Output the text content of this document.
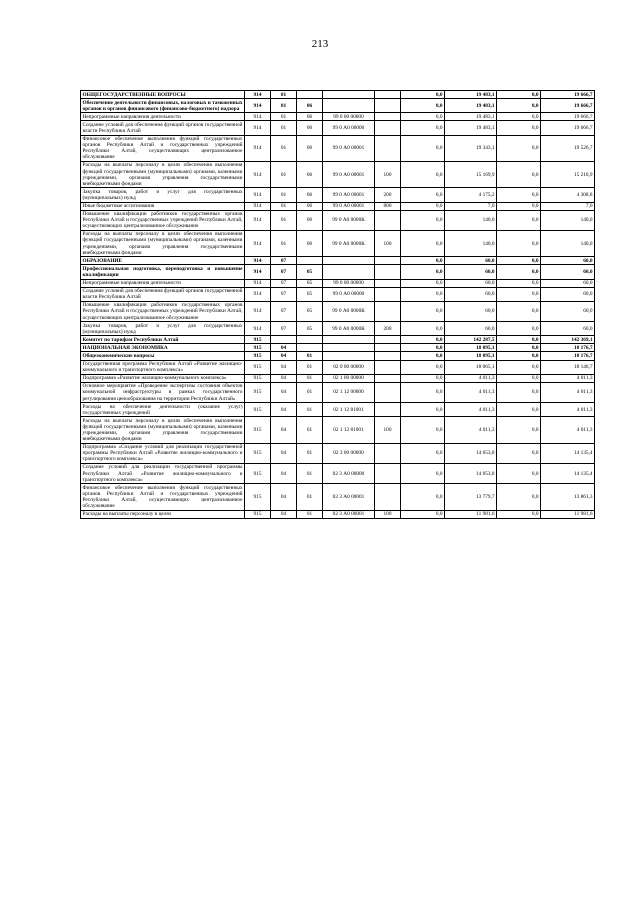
213
ОБЩЕГОСУДАРСТВЕННЫЕ ВОПРОСЫ	914	01				0,0	19 483,1	0,0	19 666,7
Обеспечение деятельности финансовых, налоговых и таможенных органов и органов финансового (финансово-бюджетного) надзора	914	01	06			0,0	19 483,1	0,0	19 666,7
Непрограммные направления деятельности	914	01	06	99 0 00 00000		0,0	19 483,1	0,0	19 666,7
Создание условий для обеспечения функций органов государственной власти Республики Алтай	914	01	06	99 0 А0 00000		0,0	19 483,1	0,0	19 666,7
Финансовое обеспечение выполнения функций государственных органов Республики Алтай и государственных учреждений Республики Алтай, осуществляющих централизованное обслуживание	914	01	06	99 0 А0 00001		0,0	19 343,1	0,0	19 526,7
Расходы на выплаты персоналу в целях обеспечения выполнения функций государственными (муниципальными) органами, казенными учреждениями, органами управления государственными внебюджетными фондами	914	01	06	99 0 А0 00001	100	0,0	15 169,9	0,0	15 210,9
Закупка товаров, работ и услуг для государственных (муниципальных) нужд	914	01	06	99 0 А0 00001	200	0,0	4 175,2	0,0	4 308,8
Иные бюджетные ассигнования	914	01	06	99 0 А0 00001	800	0,0	7,0	0,0	7,0
Повышение квалификации работников государственных органов Республики Алтай и государственных учреждений Республики Алтай, осуществляющих централизованное обслуживание	914	01	06	99 0 А0 0000К		0,0	140,0	0,0	140,0
Расходы на выплаты персоналу в целях обеспечения выполнения функций государственными (муниципальными) органами, казенными учреждениями, органами управления государственными внебюджетными фондами	914	01	06	99 0 А0 0000К	100	0,0	140,0	0,0	140,0
ОБРАЗОВАНИЕ	914	07				0,0	60,0	0,0	60,0
Профессиональная подготовка, переподготовка и повышение квалификации	914	07	05			0,0	60,0	0,0	60,0
Непрограммные направления деятельности	914	07	05	99 0 00 00000		0,0	60,0	0,0	60,0
Создание условий для обеспечения функций органов государственной власти Республики Алтай	914	07	05	99 0 А0 00000		0,0	60,0	0,0	60,0
Повышение квалификации работников государственных органов Республики Алтай и государственных учреждений Республики Алтай, осуществляющих централизованное обслуживание	914	07	05	99 0 А0 0000К		0,0	60,0	0,0	60,0
Закупка товаров, работ и услуг для государственных (муниципальных) нужд	914	07	05	99 0 А0 0000К	200	0,0	60,0	0,0	60,0
Комитет по тарифам Республики Алтай	915					0,0	142 287,5	0,0	142 369,1
НАЦИОНАЛЬНАЯ ЭКОНОМИКА	915	04				0,0	18 095,1	0,0	18 176,7
Общеэкономические вопросы	915	04	01			0,0	18 095,1	0,0	18 176,7
Государственная программа Республики Алтай «Развитие жилищно-коммунального и транспортного комплекса»	915	04	01	02 0 00 00000		0,0	18 065,1	0,0	18 146,7
Подпрограмма «Развитие жилищно-коммунального комплекса»	915	04	01	02 1 00 00000		0,0	4 011,3	0,0	4 011,3
Основное мероприятие «Проведение экспертизы состояния объектов коммунальной инфраструктуры в рамках государственного регулирования ценообразования на территории Республики Алтай»	915	04	01	02 1 12 00000		0,0	4 011,3	0,0	4 011,3
Расходы на обеспечение деятельности (оказание услуг) государственных учреждений	915	04	01	02 1 12 81001		0,0	4 011,3	0,0	4 011,3
Расходы на выплаты персоналу в целях обеспечения выполнения функций государственными (муниципальными) органами, казенными учреждениями, органами управления государственными внебюджетными фондами	915	04	01	02 1 12 81001	100	0,0	4 011,3	0,0	4 011,3
Подпрограмма «Создание условий для реализации государственной программы Республики Алтай «Развитие жилищно-коммунального и транспортного комплекса»	915	04	01	02 3 00 00000		0,0	14 053,8	0,0	14 135,4
Создание условий для реализации государственной программы Республики Алтай «Развитие жилищно-коммунального и транспортного комплекса»	915	04	01	02 3 А0 00000		0,0	14 053,8	0,0	14 135,4
Финансовое обеспечение выполнения функций государственных органов Республики Алтай и государственных учреждений Республики Алтай, осуществляющих централизованное обслуживание	915	04	01	02 3 А0 00001		0,0	13 779,7	0,0	13 861,3
Расходы на выплаты персоналу в целях	915	04	01	02 3 А0 00001	100	0,0	11 981,6	0,0	11 981,6
